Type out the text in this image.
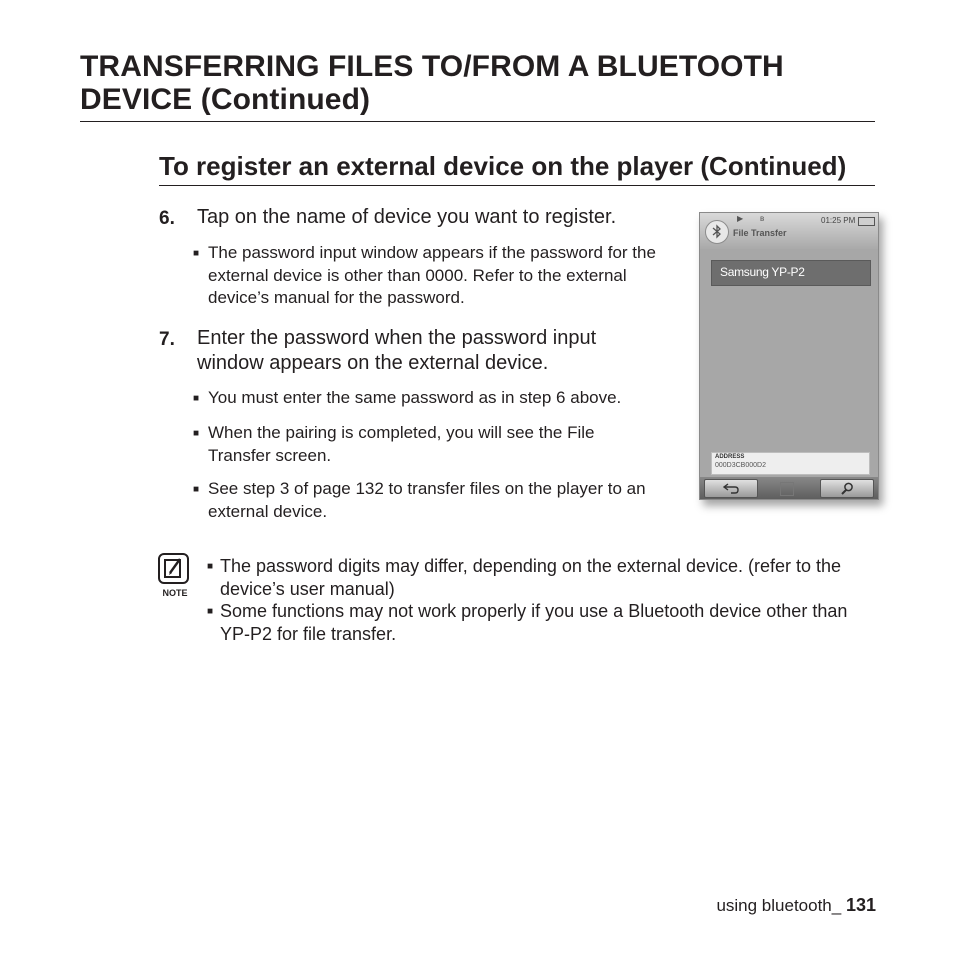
TRANSFERRING FILES TO/FROM A BLUETOOTH
DEVICE (Continued)
To register an external device on the player (Continued)
6. Tap on the name of device you want to register.
■ The password input window appears if the password for the external device is other than 0000. Refer to the external device’s manual for the password.
7. Enter the password when the password input window appears on the external device.
■ You must enter the same password as in step 6 above.
■ When the pairing is completed, you will see the File Transfer screen.
■ See step 3 of page 132 to transfer files on the player to an external device.
▶ ʙ	01:25 PM
File Transfer
Samsung YP-P2
ADDRESS
000D3CB000D2
NOTE
■ The password digits may differ, depending on the external device. (refer to the device’s user manual)
■ Some functions may not work properly if you use a Bluetooth device other than YP-P2 for file transfer.
using bluetooth_ 131
